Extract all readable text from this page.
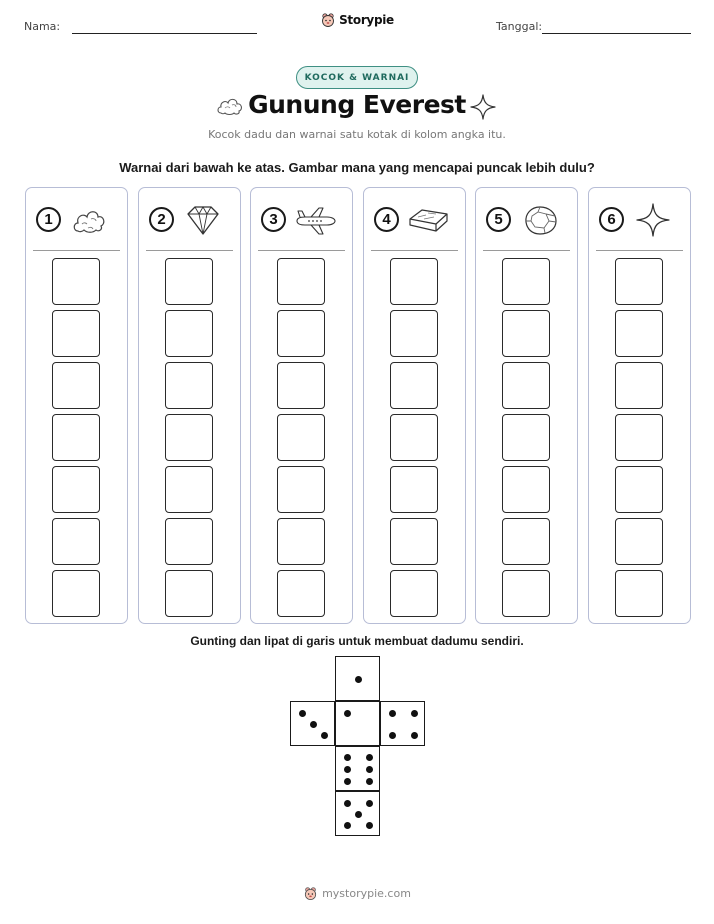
Nama:	Storypie	Tanggal:
KOCOK & WARNAI
Gunung Everest
Kocok dadu dan warnai satu kotak di kolom angka itu.
Warnai dari bawah ke atas. Gambar mana yang mencapai puncak lebih dulu?
1	2	3	4	5	6
Gunting dan lipat di garis untuk membuat dadumu sendiri.
mystorypie.com
